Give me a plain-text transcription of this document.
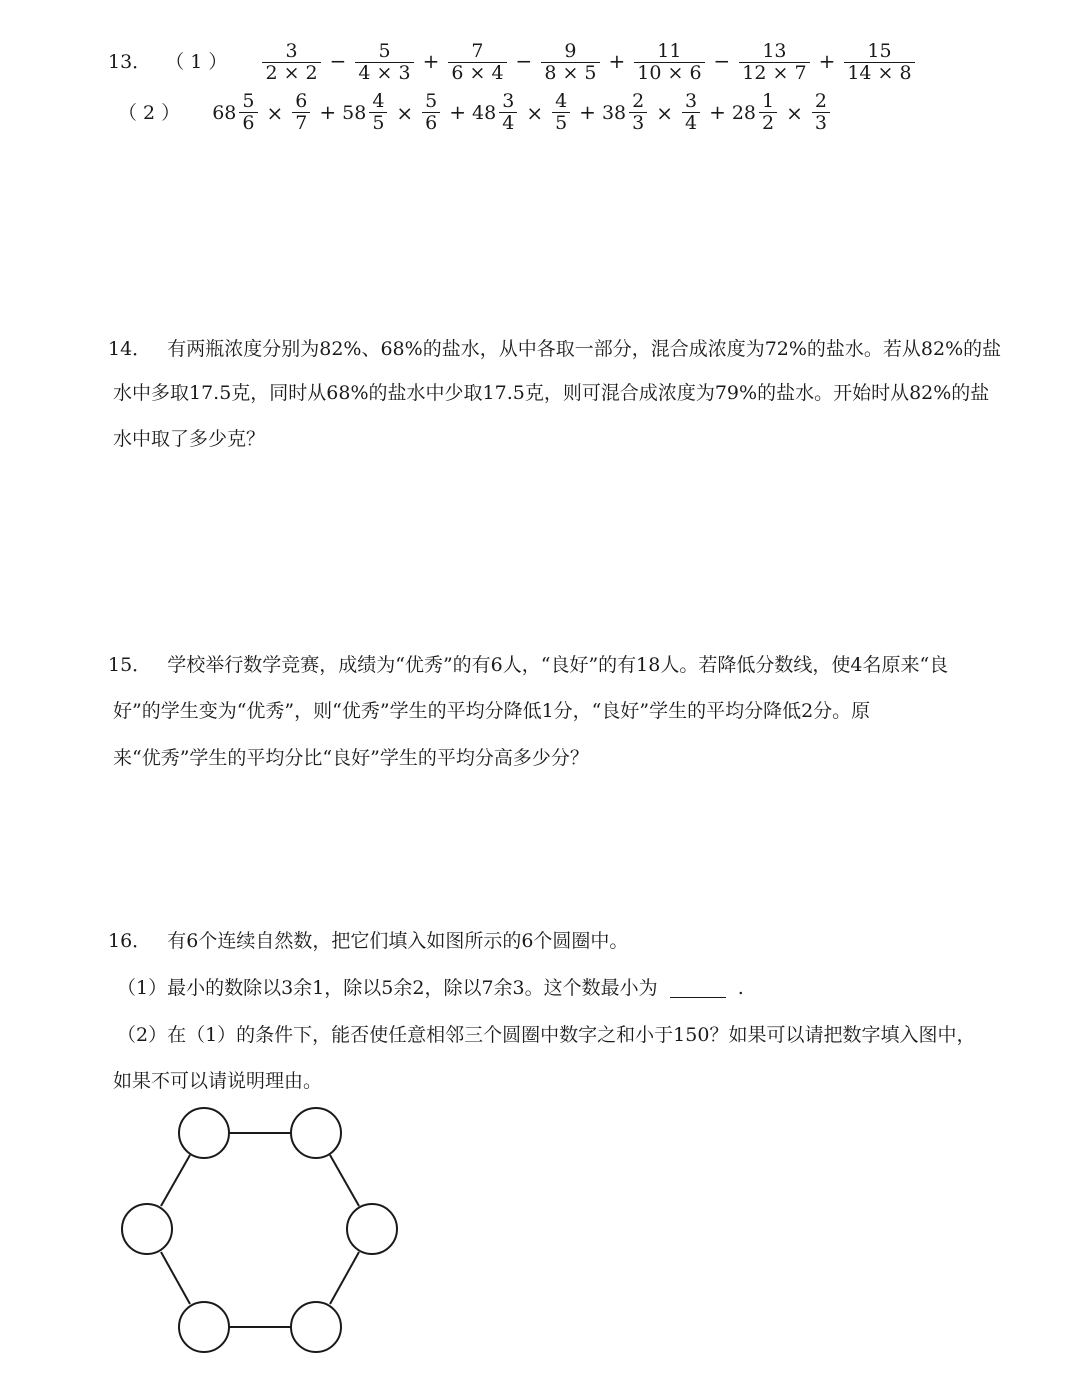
13． （ 1 ） $\frac{3}{2 \times 2} - \frac{5}{4 \times 3} + \frac{7}{6 \times 4} - \frac{9}{8 \times 5} + \frac{11}{10 \times 6} - \frac{13}{12 \times 7} + \frac{15}{14 \times 8}$
（ 2 ） $68 \frac{5}{6} \times \frac{6}{7} + 58 \frac{4}{5} \times \frac{5}{6} + 48 \frac{3}{4} \times \frac{4}{5} + 38 \frac{2}{3} \times \frac{3}{4} + 28 \frac{1}{2} \times \frac{2}{3}$
14． 有两瓶浓度分别为82%、68%的盐水，从中各取一部分，混合成浓度为72%的盐水。若从82%的盐
水中多取17.5克，同时从68%的盐水中少取17.5克，则可混合成浓度为79%的盐水。开始时从82%的盐
水中取了多少克？
15． 学校举行数学竞赛，成绩为“优秀”的有6人，“良好”的有18人。若降低分数线，使4名原来“良
好”的学生变为“优秀”，则“优秀”学生的平均分降低1分，“良好”学生的平均分降低2分。原
来“优秀”学生的平均分比“良好”学生的平均分高多少分？
16． 有6个连续自然数，把它们填入如图所示的6个圆圈中。
（1）最小的数除以3余1，除以5余2，除以7余3。这个数最小为	.
（2）在（1）的条件下，能否使任意相邻三个圆圈中数字之和小于150？如果可以请把数字填入图中，
如果不可以请说明理由。
